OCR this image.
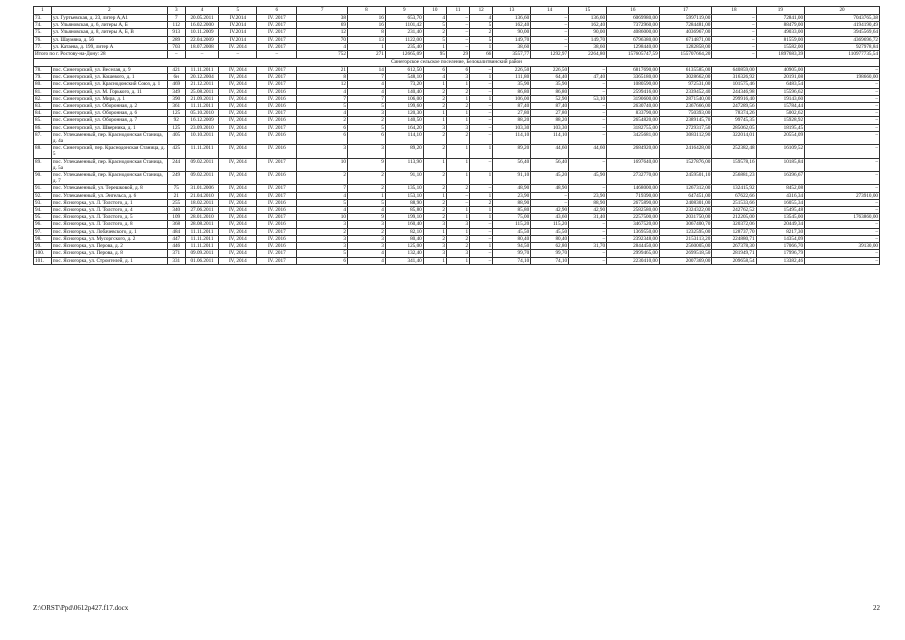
1	2	3	4	5	6	7	8	9	10	11	12	13	14	15	16	17	18	19	20
73.	ул. Гуртьевская, д. 23, литер А,А1	7	20.05.2011	IV.2014	IV. 2017	38	16	653,70	4	–	4	136,60	–	136,60	6069980,00	5997119,00	–	72841,00	7043765,38
74.	ул. Ульяновская, д. 6, литеры А, Б	112	16.02.2000	IV.2014	IV. 2017	69	16	1101,42	5	–	5	162,40	–	162,40	7372960,00	7284481,00	–	88479,00	4194190,49
75.	ул. Ульяновская, д. 8, литеры А, Б, В	913	10.11.2009	IV.2014	IV. 2017	12	8	231,40	2	–	2	90,00	–	90,00	4086000,00	4036967,00	–	49033,00	3945569,64
76.	ул. Шаумяна, д. 56	289	22.04.2009	IV.2014	IV. 2017	70	13	1122,00	5	–	5	149,70	–	149,70	6796380,00	6714871,00	–	81559,00	4369696,72
77.	ул. Катаева, д. 199, литер А	703	18.07.2008	IV. 2014	IV. 2017	4	1	235,40	1	–	1	38,60	–	38,60	1298440,00	1282858,00	–	15582,00	927978,84
Итого по г. Ростову-на-Дону: 28		–	–	–	–	752	271	12665,09	95	29	66	3557,77	1292,97	2264,80	157605747,59	155707664,20	–	1897683,39	110977735,54
Синегорское сельское поселение, Белокалитвинский район																			
78.	пос. Синегорский, ул. Веселая, д. 9	421	11.11.2011	IV, 2014	IV. 2017	21	14	612,50	6	6	–	226,50	226,50	–	6817690,00	6135585,00	640859,00	40905,00	–
79.	пос. Синегорский, ул. Кошевого, д. 1	6н	20.12.2004	IV, 2014	IV. 2017	8	7	548,10	4	3	1	111,80	64,40	47,40	3365180,00	3028662,00	316326,92	20191,08	198660,00
80.	пос. Синегорский, ул. Краснодонский Союз, д. 1	469	21.12.2011	IV, 2014	IV. 2017	12	4	73,20	1	1	–	35,90	35,90	–	1080590,00	972531,00	101575,46	6483,54	–
81.	пос. Синегорский, ул. М. Горького, д. 11	349	25.08.2011	IV, 2014	IV. 2016	4	4	140,40	2	2	–	86,80	86,80	–	2599416,00	2339452,40	244346,98	15596,62	–
82.	пос. Синегорский, ул. Мира, д. 1	390	21.09.2011	IV, 2014	IV. 2016	7	7	106,00	2	1	1	106,00	52,90	53,10	3190600,00	2871540,00	299916,40	19143,60	–
83.	пос. Синегорский, ул. Оборонная, д. 2	361	11.11.2011	IV, 2014	IV. 2016	5	5	199,60	2	2	–	87,40	87,40	–	2630740,00	2367666,00	247289,56	15784,44	–
84.	пос. Синегорский, ул. Оборонная, д. 6	125	05.10.2010	IV, 2014	IV. 2017	4	3	120,30	1	1	–	27,80	27,80	–	833790,00	750393,00	78374,26	5002,62	–
85.	пос. Синегорский, ул. Оборонная, д. 7	92	16.12.2009	IV, 2014	IV. 2016	2	2	140,50	1	1	–	88,20	88,20	–	2654820,00	2389145,70	99745,35	15928,92	–
86.	пос. Синегорский, ул. Шверника, д. 1	125	23.09.2010	IV, 2014	IV. 2017	6	5	164,20	3	3	–	103,30	103,30	–	3182755,00	2729317,50	285062,05	18195,45	–
87.	пос. Углекаменный, пер. Краснодонская Станица, д. 4а	405	10.10.2011	IV, 2014	IV. 2016	6	6	114,10	2	2	–	114,10	114,10	–	3425681,00	3083112,90	322014,01	20554,09	–
88.	пос. Синегорский, пер. Краснодонская Станица, д. 5	425	11.11.2011	IV, 2014	IV. 2016	3	3	89,20	2	1	1	89,20	44,60	44,60	2684920,00	2416428,00	252382,48	16109,52	–
89.	пос. Углекаменный, пер. Краснодонская Станица, д. 5а	244	09.02.2011	IV, 2014	IV. 2017	10	9	113,90	1	1	–	56,40	56,40	–	1697640,00	1527876,00	159578,16	10185,84	–
90.	пос. Углекаменный, пер. Краснодонская Станица, д. 7	249	09.02.2011	IV, 2014	IV. 2016	2	2	91,10	2	1	1	91,10	45,20	45,90	2732770,00	2459501,10	256881,23	16396,67	–
91.	пос. Углекаменный, ул. Терешковой, д. 8	75	31.01.2006	IV, 2014	IV. 2017	7	2	135,10	2	2	–	48,90	48,90	–	1468000,00	1267312,00	132415,92	8452,08	–
92.	пос. Углекаменный, ул. Энгельса, д. 6	21	21.04.2010	IV, 2014	IV. 2017	4	1	153,10	1	–	1	23,90	–	23,90	719390,00	647451,00	67622,66	4316,34	273910,00
93.	пос. Ясногорка, ул. Л. Толстого, д. 1	255	18.02.2011	IV, 2014	IV. 2016	5	5	88,90	2	–	2	88,90	–	88,90	2675890,00	2408301,00	251533,66	16055,34	–
94.	пос. Ясногорка, ул. Л. Толстого, д. 4	340	27.06.2011	IV, 2014	IV. 2016	4	4	85,80	2	1	1	85,80	42,90	42,90	2582580,00	2324322,00	242762,52	15495,48	–
95.	пос. Ясногорка, ул. Л. Толстого, д. 5	109	28.01.2010	IV, 2014	IV. 2017	10	9	199,10	2	1	1	75,00	43,60	31,40	2257500,00	2031750,00	212205,00	13545,00	1763860,00
96.	пос. Ясногорка, ул. Л. Толстого, д. 8	368	28.08.2011	IV, 2014	IV. 2016	3	3	160,40	3	3	–	115,20	115,20	–	3467520,00	3067400,70	320372,06	20449,34	–
97.	пос. Ясногорка, ул. Лобачевского, д. 1	484	11.11.2011	IV, 2014	IV. 2017	2	2	82,10	1	1	–	45,50	45,50	–	1369550,00	1232595,00	128737,70	8217,30	–
98.	пос. Ясногорка, ул. Мусоргского, д. 2	447	11.11.2011	IV, 2014	IV. 2016	3	3	80,40	2	2	–	80,40	80,40	–	2392348,00	2153113,20	224880,71	14354,09	–
99.	пос. Ясногорка, ул. Перова, д. 2	446	11.11.2011	IV, 2014	IV. 2016	3	3	125,00	3	2	1	94,50	62,80	31,70	2844450,00	2560005,00	267378,30	17066,70	39130,00
100.	пос. Ясногорка, ул. Перова, д. 8	371	09.09.2011	IV, 2014	IV. 2017	5	4	132,40	3	3	–	99,70	99,70	–	2999465,00	2699518,50	281949,71	17996,79	–
101.	пос. Ясногорка, ул. Строителей, д. 1	331	01.06.2011	IV, 2014	IV. 2017	6	4	341,40	1	1	–	74,10	74,10	–	2230410,00	2007369,00	209658,54	13382,46	–
Z:\ORST\Ppd\0612p427.f17.docx	22
